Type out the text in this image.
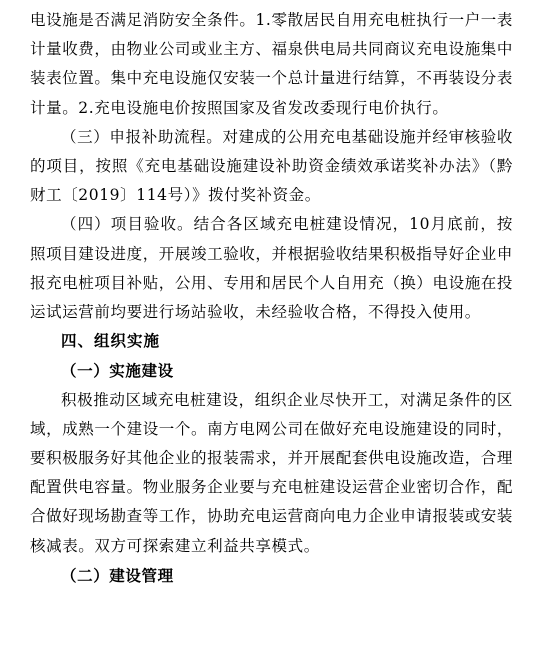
电设施是否满足消防安全条件。1.零散居民自用充电桩执行一户一表计量收费，由物业公司或业主方、福泉供电局共同商议充电设施集中装表位置。集中充电设施仅安装一个总计量进行结算，不再装设分表计量。2.充电设施电价按照国家及省发改委现行电价执行。

（三）申报补助流程。对建成的公用充电基础设施并经审核验收的项目，按照《充电基础设施建设补助资金绩效承诺奖补办法》（黔财工〔2019〕114号）》拨付奖补资金。

（四）项目验收。结合各区域充电桩建设情况，10月底前，按照项目建设进度，开展竣工验收，并根据验收结果积极指导好企业申报充电桩项目补贴，公用、专用和居民个人自用充（换）电设施在投运试运营前均要进行场站验收，未经验收合格，不得投入使用。

四、组织实施

（一）实施建设

积极推动区域充电桩建设，组织企业尽快开工，对满足条件的区域，成熟一个建设一个。南方电网公司在做好充电设施建设的同时，要积极服务好其他企业的报装需求，并开展配套供电设施改造，合理配置供电容量。物业服务企业要与充电桩建设运营企业密切合作，配合做好现场勘查等工作，协助充电运营商向电力企业申请报装或安装核减表。双方可探索建立利益共享模式。

（二）建设管理
